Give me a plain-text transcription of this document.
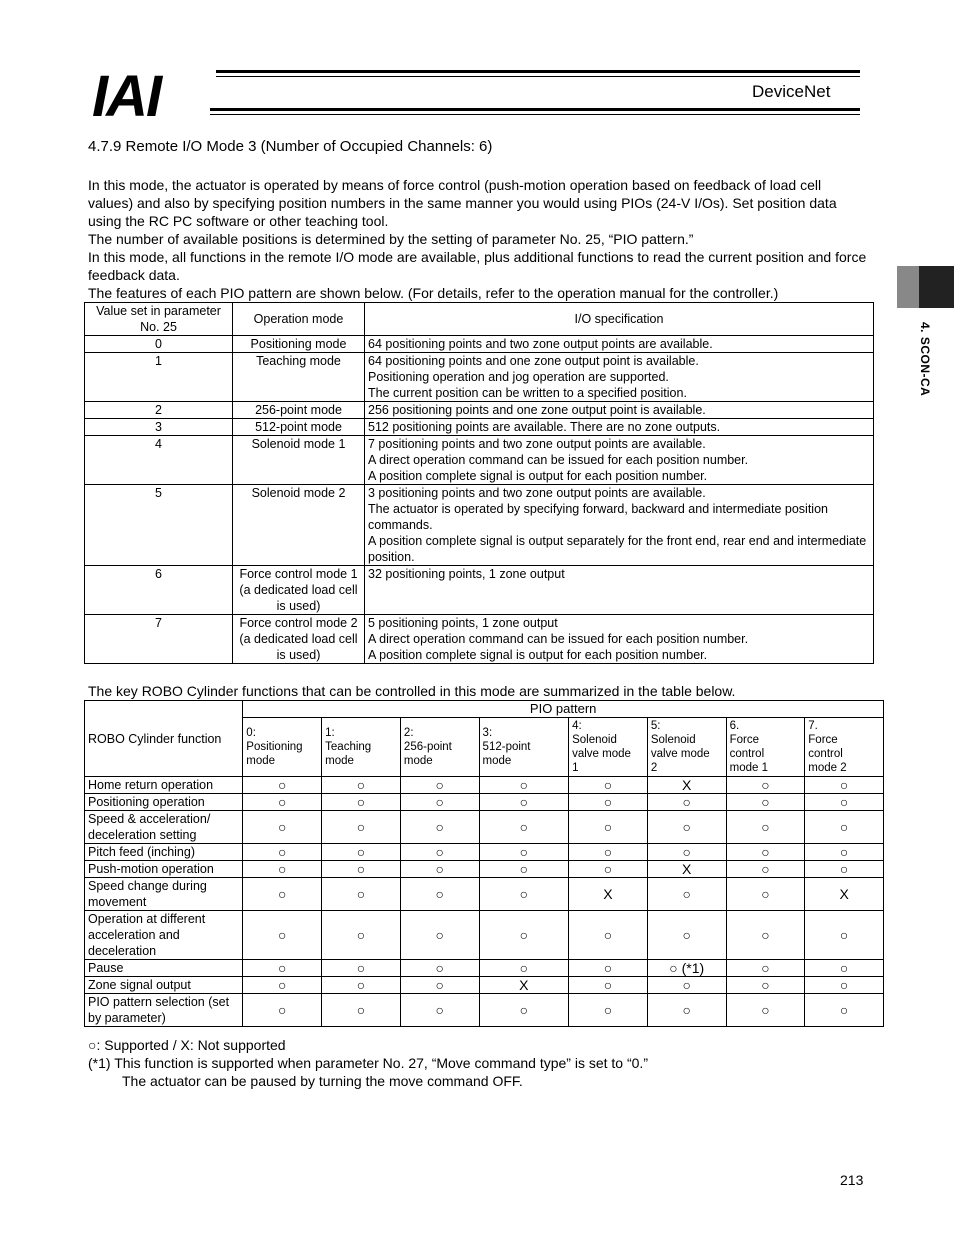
IAI	DeviceNet
4. SCON-CA
4.7.9 Remote I/O Mode 3 (Number of Occupied Channels: 6)
In this mode, the actuator is operated by means of force control (push-motion operation based on feedback of load cell values) and also by specifying position numbers in the same manner you would using PIOs (24-V I/Os). Set position data using the RC PC software or other teaching tool.
The number of available positions is determined by the setting of parameter No. 25, “PIO pattern.”
In this mode, all functions in the remote I/O mode are available, plus additional functions to read the current position and force feedback data.
The features of each PIO pattern are shown below. (For details, refer to the operation manual for the controller.)
Value set in parameter No. 25	Operation mode	I/O specification
0	Positioning mode	64 positioning points and two zone output points are available.

1	Teaching mode	64 positioning points and one zone output point is available.
Positioning operation and jog operation are supported.
The current position can be written to a specified position.

2	256-point mode	256 positioning points and one zone output point is available.

3	512-point mode	512 positioning points are available. There are no zone outputs.

4	Solenoid mode 1	7 positioning points and two zone output points are available.
A direct operation command can be issued for each position number.
A position complete signal is output for each position number.

5	Solenoid mode 2	3 positioning points and two zone output points are available.
The actuator is operated by specifying forward, backward and intermediate position commands.
A position complete signal is output separately for the front end, rear end and intermediate position.

6	Force control mode 1 (a dedicated load cell is used)	32 positioning points, 1 zone output

7	Force control mode 2 (a dedicated load cell is used)	5 positioning points, 1 zone output
A direct operation command can be issued for each position number.
A position complete signal is output for each position number.
The key ROBO Cylinder functions that can be controlled in this mode are summarized in the table below.
ROBO Cylinder function	PIO pattern							
	0:
Positioning
mode	1:
Teaching
mode	2:
256-point
mode	3:
512-point
mode	4:
Solenoid
valve mode
1	5:
Solenoid
valve mode
2	6.
Force
control
mode 1	7.
Force
control
mode 2
Home return operation	○	○	○	○	○	X	○	○
Positioning operation	○	○	○	○	○	○	○	○
Speed & acceleration/ deceleration setting	○	○	○	○	○	○	○	○
Pitch feed (inching)	○	○	○	○	○	○	○	○
Push-motion operation	○	○	○	○	○	X	○	○
Speed change during movement	○	○	○	○	X	○	○	X
Operation at different acceleration and deceleration	○	○	○	○	○	○	○	○
Pause	○	○	○	○	○	○ (*1)	○	○
Zone signal output	○	○	○	X	○	○	○	○
PIO pattern selection (set by parameter)	○	○	○	○	○	○	○	○
○: Supported / X: Not supported
(*1) This function is supported when parameter No. 27, “Move command type” is set to “0.”
The actuator can be paused by turning the move command OFF.
213
